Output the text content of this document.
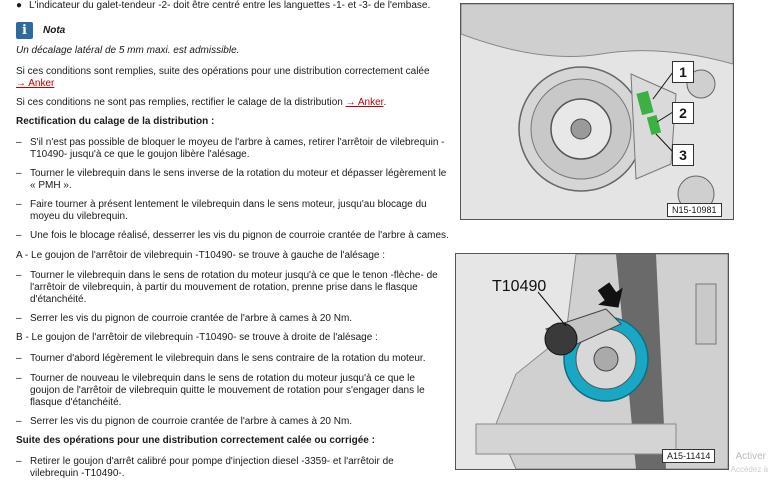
● L'indicateur du galet-tendeur -2- doit être centré entre les languettes -1- et -3- de l'embase.
i	Nota
Un décalage latéral de 5 mm maxi. est admissible.
Si ces conditions sont remplies, suite des opérations pour une distribution correctement calée
→ Anker
Si ces conditions ne sont pas remplies, rectifier le calage de la distribution → Anker.
Rectification du calage de la distribution :
– S'il n'est pas possible de bloquer le moyeu de l'arbre à cames, retirer l'arrêtoir de vilebrequin -
T10490- jusqu'à ce que le goujon libère l'alésage.
– Tourner le vilebrequin dans le sens inverse de la rotation du moteur et dépasser légèrement le
« PMH ».
– Faire tourner à présent lentement le vilebrequin dans le sens moteur, jusqu'au blocage du
moyeu du vilebrequin.
– Une fois le blocage réalisé, desserrer les vis du pignon de courroie crantée de l'arbre à cames.
A - Le goujon de l'arrêtoir de vilebrequin -T10490- se trouve à gauche de l'alésage :
– Tourner le vilebrequin dans le sens de rotation du moteur jusqu'à ce que le tenon -flèche- de
l'arrêtoir de vilebrequin, à partir du mouvement de rotation, prenne prise dans le flasque
d'étanchéité.
– Serrer les vis du pignon de courroie crantée de l'arbre à cames à 20 Nm.
B - Le goujon de l'arrêtoir de vilebrequin -T10490- se trouve à droite de l'alésage :
– Tourner d'abord légèrement le vilebrequin dans le sens contraire de la rotation du moteur.
– Tourner de nouveau le vilebrequin dans le sens de rotation du moteur jusqu'à ce que le
goujon de l'arrêtoir de vilebrequin quitte le mouvement de rotation pour s'engager dans le
flasque d'étanchéité.
– Serrer les vis du pignon de courroie crantée de l'arbre à cames à 20 Nm.
Suite des opérations pour une distribution correctement calée ou corrigée :
– Retirer le goujon d'arrêt calibré pour pompe d'injection diesel -3359- et l'arrêtoir de
vilebrequin -T10490-.
1
2
3
N15-10981
T10490
A15-11414	Activer
Accédez à
